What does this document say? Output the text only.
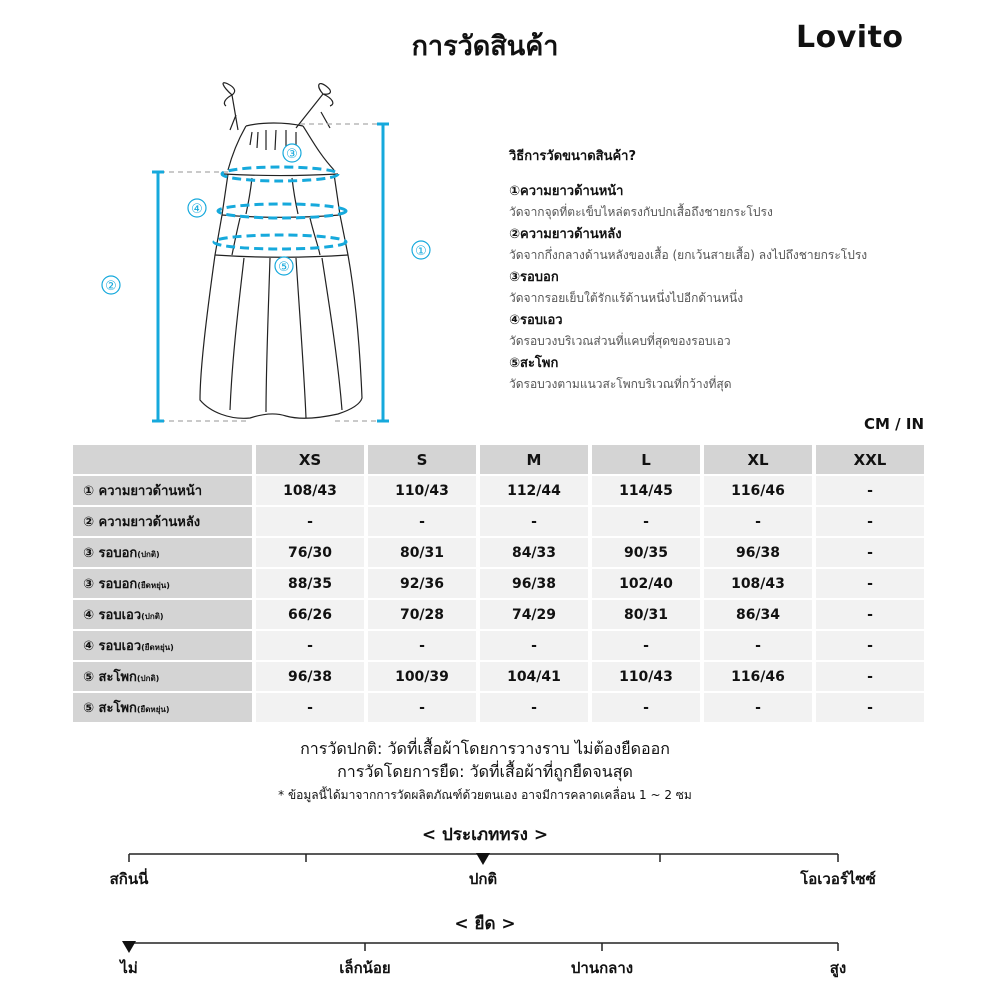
การวัดสินค้า	Lovito
②
①
③
④
⑤
วิธีการวัดขนาดสินค้า?
①ความยาวด้านหน้า
วัดจากจุดที่ตะเข็บไหล่ตรงกับปกเสื้อถึงชายกระโปรง
②ความยาวด้านหลัง
วัดจากกึ่งกลางด้านหลังของเสื้อ (ยกเว้นสายเสื้อ) ลงไปถึงชายกระโปรง
③รอบอก
วัดจากรอยเย็บใต้รักแร้ด้านหนึ่งไปอีกด้านหนึ่ง
④รอบเอว
วัดรอบวงบริเวณส่วนที่แคบที่สุดของรอบเอว
⑤สะโพก
วัดรอบวงตามแนวสะโพกบริเวณที่กว้างที่สุด
CM / IN
	XS	S	M	L	XL	XXL
① ความยาวด้านหน้า	108/43	110/43	112/44	114/45	116/46	-
② ความยาวด้านหลัง	-	-	-	-	-	-
③ รอบอก(ปกติ)	76/30	80/31	84/33	90/35	96/38	-
③ รอบอก(ยืดหยุ่น)	88/35	92/36	96/38	102/40	108/43	-
④ รอบเอว(ปกติ)	66/26	70/28	74/29	80/31	86/34	-
④ รอบเอว(ยืดหยุ่น)	-	-	-	-	-	-
⑤ สะโพก(ปกติ)	96/38	100/39	104/41	110/43	116/46	-
⑤ สะโพก(ยืดหยุ่น)	-	-	-	-	-	-
การวัดปกติ: วัดที่เสื้อผ้าโดยการวางราบ ไม่ต้องยืดออก
การวัดโดยการยืด: วัดที่เสื้อผ้าที่ถูกยืดจนสุด
* ข้อมูลนี้ได้มาจากการวัดผลิตภัณฑ์ด้วยตนเอง อาจมีการคลาดเคลื่อน 1 ~ 2 ซม
< ประเภททรง >
สกินนี่	ปกติ	โอเวอร์ไซซ์
< ยืด >
ไม่	เล็กน้อย	ปานกลาง	สูง
